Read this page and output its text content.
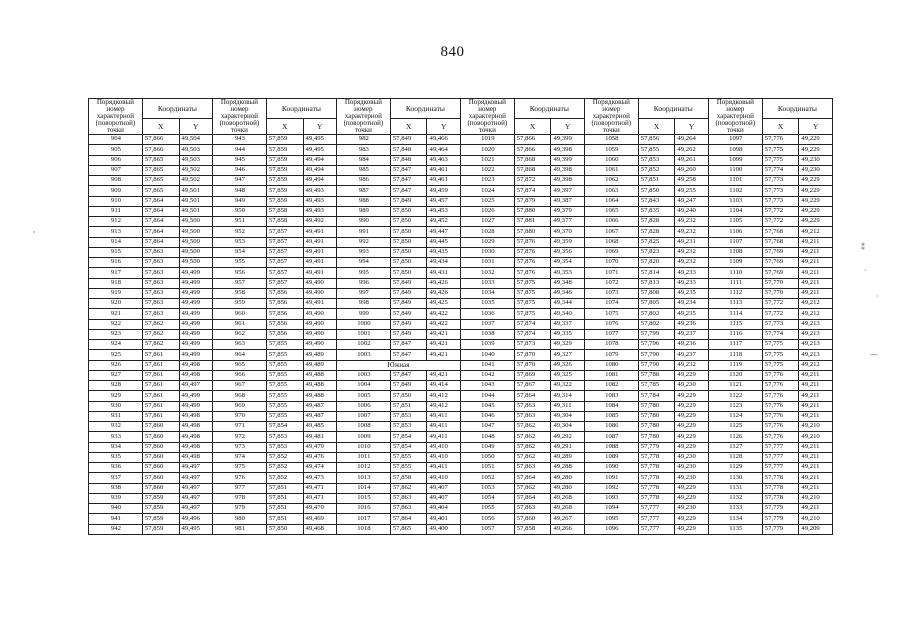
840
Порядковый номер характерной (поворотной) точки	Координаты		Порядковый номер характерной (поворотной) точки	Координаты		Порядковый номер характерной (поворотной) точки	Координаты		Порядковый номер характерной (поворотной) точки	Координаты		Порядковый номер характерной (поворотной) точки	Координаты		Порядковый номер характерной (поворотной) точки	Координаты	
	X	Y		X	Y		X	Y		X	Y		X	Y		X	Y
904	57,866	49,504	943	57,859	49,495	982	57,849	49,466	1019	57,866	49,399	1058	57,856	49,264	1097	57,776	49,229
905	57,866	49,503	944	57,859	49,495	983	57,848	49,464	1020	57,866	49,398	1059	57,855	49,262	1098	57,775	49,229
906	57,865	49,503	945	57,859	49,494	984	57,848	49,463	1021	57,868	49,399	1060	57,853	49,261	1099	57,775	49,230
907	57,865	49,502	946	57,859	49,494	985	57,847	49,461	1022	57,868	49,398	1061	57,852	49,260	1100	57,774	49,230
908	57,865	49,502	947	57,859	49,494	986	57,847	49,461	1023	57,872	49,398	1062	57,851	49,258	1101	57,773	49,229
909	57,865	49,501	948	57,859	49,493	987	57,847	49,459	1024	57,874	49,397	1063	57,850	49,255	1102	57,773	49,229
910	57,864	49,501	949	57,859	49,493	988	57,849	49,457	1025	57,879	49,387	1064	57,843	49,247	1103	57,773	49,229
911	57,864	49,501	950	57,858	49,493	989	57,850	49,453	1026	57,880	49,379	1065	57,835	49,240	1104	57,772	49,229
912	57,864	49,500	951	57,858	49,492	990	57,850	49,452	1027	57,881	49,377	1066	57,828	49,232	1105	57,772	49,229
913	57,864	49,500	952	57,857	49,491	991	57,850	49,447	1028	57,880	49,370	1067	57,828	49,232	1106	57,768	49,212
914	57,864	49,500	953	57,857	49,491	992	57,850	49,445	1029	57,876	49,359	1068	57,825	49,231	1107	57,768	49,211
915	57,863	49,500	954	57,857	49,491	993	57,850	49,435	1030	57,876	49,356	1069	57,823	49,232	1108	57,769	49,211
916	57,863	49,500	955	57,857	49,491	994	57,850	49,434	1031	57,876	49,354	1070	57,820	49,232	1109	57,769	49,211
917	57,863	49,499	956	57,857	49,491	995	57,850	49,431	1032	57,876	49,353	1071	57,814	49,233	1110	57,769	49,211
918	57,863	49,499	957	57,857	49,490	996	57,849	49,426	1033	57,875	49,348	1072	57,813	49,233	1111	57,770	49,211
919	57,863	49,499	958	57,856	49,490	997	57,849	49,426	1034	57,875	49,346	1073	57,808	49,235	1112	57,770	49,211
920	57,863	49,499	959	57,856	49,491	998	57,849	49,425	1035	57,875	49,344	1074	57,805	49,234	1113	57,772	49,212
921	57,863	49,499	960	57,856	49,490	999	57,849	49,422	1036	57,875	49,340	1075	57,802	49,235	1114	57,772	49,212
922	57,862	49,499	961	57,856	49,490	1000	57,849	49,422	1037	57,874	49,337	1076	57,802	49,236	1115	57,773	49,213
923	57,862	49,499	962	57,856	49,490	1001	57,849	49,421	1038	57,874	49,335	1077	57,799	49,237	1116	57,774	49,213
924	57,862	49,499	963	57,855	49,490	1002	57,847	49,421	1039	57,873	49,329	1078	57,796	49,236	1117	57,775	49,213
925	57,861	49,499	964	57,855	49,489	1003	57,847	49,421	1040	57,870	49,327	1079	57,790	49,237	1118	57,775	49,213
926	57,861	49,498	965	57,855	49,489	Южная			1041	57,870	49,326	1080	57,790	49,232	1119	57,775	49,212
927	57,861	49,498	966	57,855	49,488	1003	57,847	49,421	1042	57,869	49,325	1081	57,788	49,229	1120	57,776	49,211
928	57,861	49,497	967	57,855	49,488	1004	57,849	49,414	1043	57,867	49,322	1082	57,785	49,230	1121	57,776	49,211
929	57,861	49,499	968	57,855	49,488	1005	57,850	49,412	1044	57,864	49,314	1083	57,784	49,229	1122	57,776	49,211
930	57,861	49,499	969	57,855	49,487	1006	57,851	49,412	1045	57,863	49,311	1084	57,780	49,229	1123	57,776	49,211
931	57,861	49,498	970	57,855	49,487	1007	57,853	49,411	1046	57,863	49,304	1085	57,780	49,229	1124	57,776	49,211
932	57,860	49,498	971	57,854	49,485	1008	57,853	49,411	1047	57,862	49,304	1086	57,780	49,229	1125	57,776	49,210
933	57,860	49,498	972	57,853	49,481	1009	57,854	49,411	1048	57,862	49,292	1087	57,780	49,229	1126	57,776	49,210
934	57,860	49,498	973	57,853	49,479	1010	57,854	49,410	1049	57,862	49,291	1088	57,779	49,229	1127	57,777	49,211
935	57,860	49,498	974	57,852	49,476	1011	57,855	49,410	1050	57,862	49,289	1089	57,778	49,230	1128	57,777	49,211
936	57,860	49,497	975	57,852	49,474	1012	57,855	49,411	1051	57,863	49,288	1090	57,778	49,230	1129	57,777	49,211
937	57,860	49,497	976	57,852	49,473	1013	57,858	49,410	1052	57,864	49,280	1091	57,778	49,230	1130	57,778	49,211
938	57,860	49,497	977	57,851	49,471	1014	57,862	49,407	1053	57,862	49,280	1092	57,778	49,229	1131	57,778	49,211
939	57,859	49,497	978	57,851	49,471	1015	57,863	49,407	1054	57,864	49,268	1093	57,778	49,229	1132	57,778	49,210
940	57,859	49,497	979	57,851	49,470	1016	57,863	49,404	1055	57,863	49,268	1094	57,777	49,230	1133	57,779	49,211
941	57,859	49,496	980	57,851	49,469	1017	57,864	49,401	1056	57,860	49,267	1095	57,777	49,229	1134	57,779	49,210
942	57,859	49,495	981	57,850	49,468	1018	57,865	49,400	1057	57,858	49,266	1096	57,777	49,229	1135	57,779	49,209
'
⁑
·
·
—
